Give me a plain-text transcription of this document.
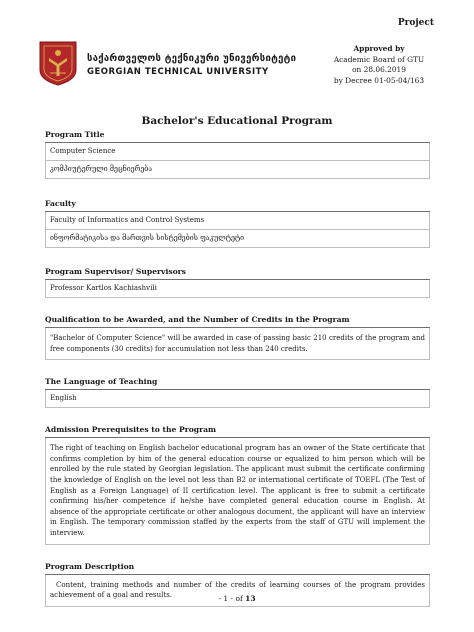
Project
საქართველოს ტექნიკური უნივერსიტეტი
GEORGIAN TECHNICAL UNIVERSITY
Approved by
Academic Board of GTU
on 28.06.2019
by Decree 01-05-04/163
Bachelor's Educational Program
Program Title
Computer Science
კომპიუტერული მეცნიერება
Faculty
Faculty of Informatics and Control Systems
ინფორმატიკისა და მართვის სისტემების ფაკულტეტი
Program Supervisor/ Supervisors
Professor Kartlos Kachiashvili
Qualification to be Awarded, and the Number of Credits in the Program
"Bachelor of Computer Science" will be awarded in case of passing basic 210 credits of the program and free components (30 credits) for accumulation not less than 240 credits.
The Language of Teaching
English
Admission Prerequisites to the Program
The right of teaching on English bachelor educational program has an owner of the State certificate that confirms completion by him of the general education course or equalized to him person which will be enrolled by the rule stated by Georgian legislation. The applicant must submit the certificate confirming the knowledge of English on the level not less than B2 or international certificate of TOEFL (The Test of English as a Foreign Language) of II certification level. The applicant is free to submit a certificate confirming his/her competence if he/she have completed general education course in English. At absence of the appropriate certificate or other analogous document, the applicant will have an interview in English. The temporary commission staffed by the experts from the staff of GTU will implement the interview.
Program Description
Content, training methods and number of the credits of learning courses of the program provides achievement of a goal and results.	- 1 - of 13
